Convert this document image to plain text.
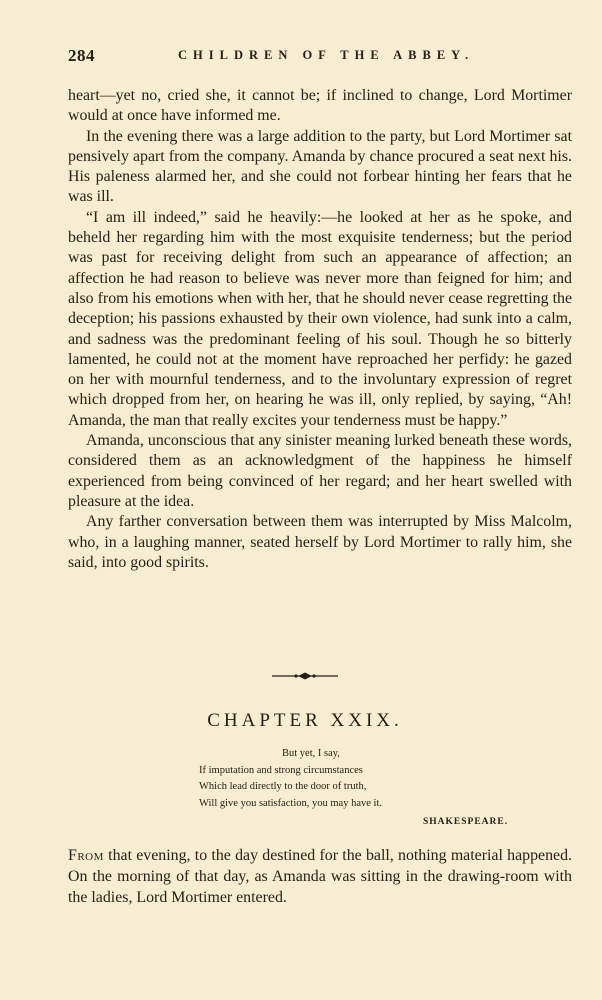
284	CHILDREN OF THE ABBEY.

heart—yet no, cried she, it cannot be; if inclined to change, Lord Mortimer would at once have informed me.

In the evening there was a large addition to the party, but Lord Mortimer sat pensively apart from the company. Amanda by chance procured a seat next his. His paleness alarmed her, and she could not forbear hinting her fears that he was ill.

“I am ill indeed,” said he heavily:—he looked at her as he spoke, and beheld her regarding him with the most exquisite tenderness; but the period was past for receiving delight from such an appearance of affection; an affection he had reason to believe was never more than feigned for him; and also from his emotions when with her, that he should never cease regretting the deception; his passions exhausted by their own violence, had sunk into a calm, and sadness was the predominant feeling of his soul. Though he so bitterly lamented, he could not at the moment have reproached her perfidy: he gazed on her with mournful tenderness, and to the involuntary expression of regret which dropped from her, on hearing he was ill, only replied, by saying, “Ah! Amanda, the man that really excites your tenderness must be happy.”

Amanda, unconscious that any sinister meaning lurked beneath these words, considered them as an acknowledgment of the happiness he himself experienced from being convinced of her regard; and her heart swelled with pleasure at the idea.

Any farther conversation between them was interrupted by Miss Malcolm, who, in a laughing manner, seated herself by Lord Mortimer to rally him, she said, into good spirits.

CHAPTER XXIX.
But yet, I say,
If imputation and strong circumstances
Which lead directly to the door of truth,
Will give you satisfaction, you may have it.
SHAKESPEARE.

From that evening, to the day destined for the ball, nothing material happened. On the morning of that day, as Amanda was sitting in the drawing-room with the ladies, Lord Mortimer entered.
